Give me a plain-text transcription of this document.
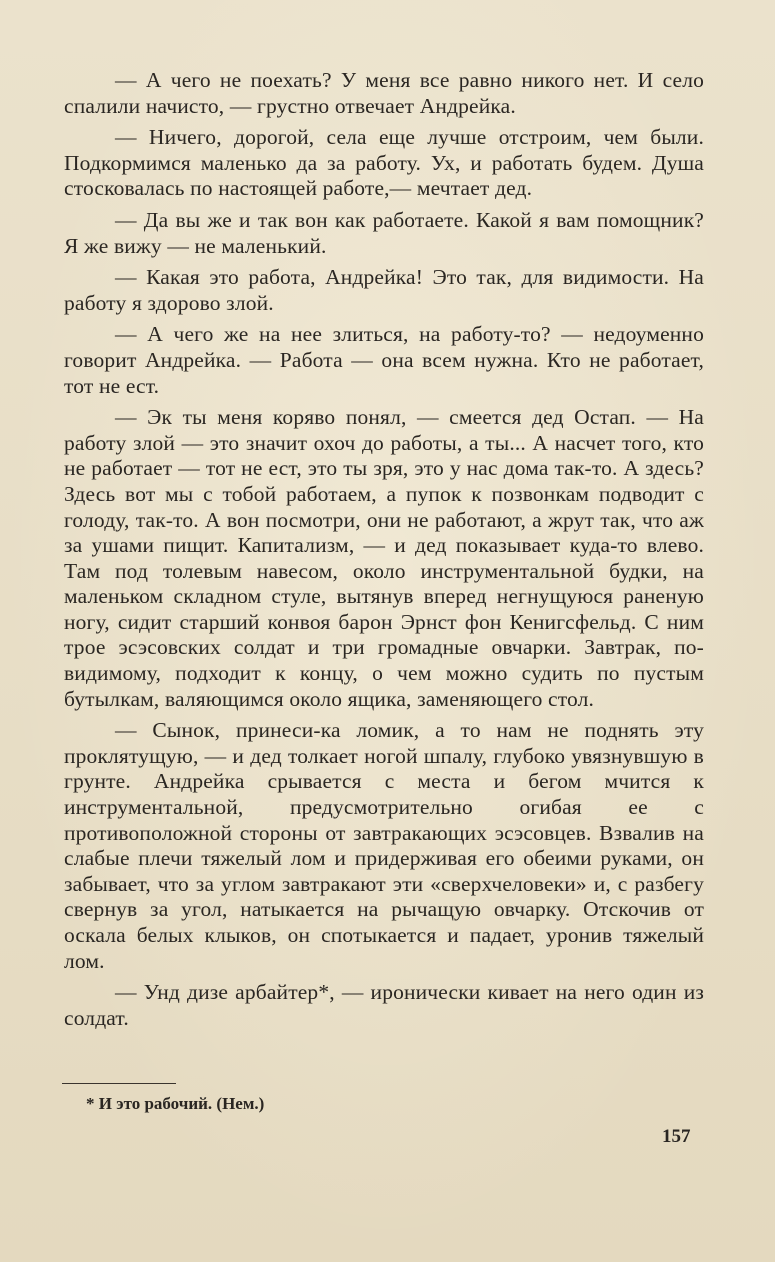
— А чего не поехать? У меня все равно никого нет. И село спалили начисто, — грустно отвечает Андрейка.

— Ничего, дорогой, села еще лучше отстроим, чем были. Подкормимся маленько да за работу. Ух, и работать будем. Душа стосковалась по настоящей работе,— мечтает дед.

— Да вы же и так вон как работаете. Какой я вам помощник? Я же вижу — не маленький.

— Какая это работа, Андрейка! Это так, для видимости. На работу я здорово злой.

— А чего же на нее злиться, на работу-то? — недоуменно говорит Андрейка. — Работа — она всем нужна. Кто не работает, тот не ест.

— Эк ты меня коряво понял, — смеется дед Остап. — На работу злой — это значит охоч до работы, а ты... А насчет того, кто не работает — тот не ест, это ты зря, это у нас дома так-то. А здесь? Здесь вот мы с тобой работаем, а пупок к позвонкам подводит с голоду, так-то. А вон посмотри, они не работают, а жрут так, что аж за ушами пищит. Капитализм, — и дед показывает куда-то влево. Там под толевым навесом, около инструментальной будки, на маленьком складном стуле, вытянув вперед негнущуюся раненую ногу, сидит старший конвоя барон Эрнст фон Кенигсфельд. С ним трое эсэсовских солдат и три громадные овчарки. Завтрак, по-видимому, подходит к концу, о чем можно судить по пустым бутылкам, валяющимся около ящика, заменяющего стол.

— Сынок, принеси-ка ломик, а то нам не поднять эту проклятущую, — и дед толкает ногой шпалу, глубоко увязнувшую в грунте. Андрейка срывается с места и бегом мчится к инструментальной, предусмотрительно огибая ее с противоположной стороны от завтракающих эсэсовцев. Взвалив на слабые плечи тяжелый лом и придерживая его обеими руками, он забывает, что за углом завтракают эти «сверхчеловеки» и, с разбегу свернув за угол, натыкается на рычащую овчарку. Отскочив от оскала белых клыков, он спотыкается и падает, уронив тяжелый лом.

— Унд дизе арбайтер*, — иронически кивает на него один из солдат.

* И это рабочий. (Нем.)
157
